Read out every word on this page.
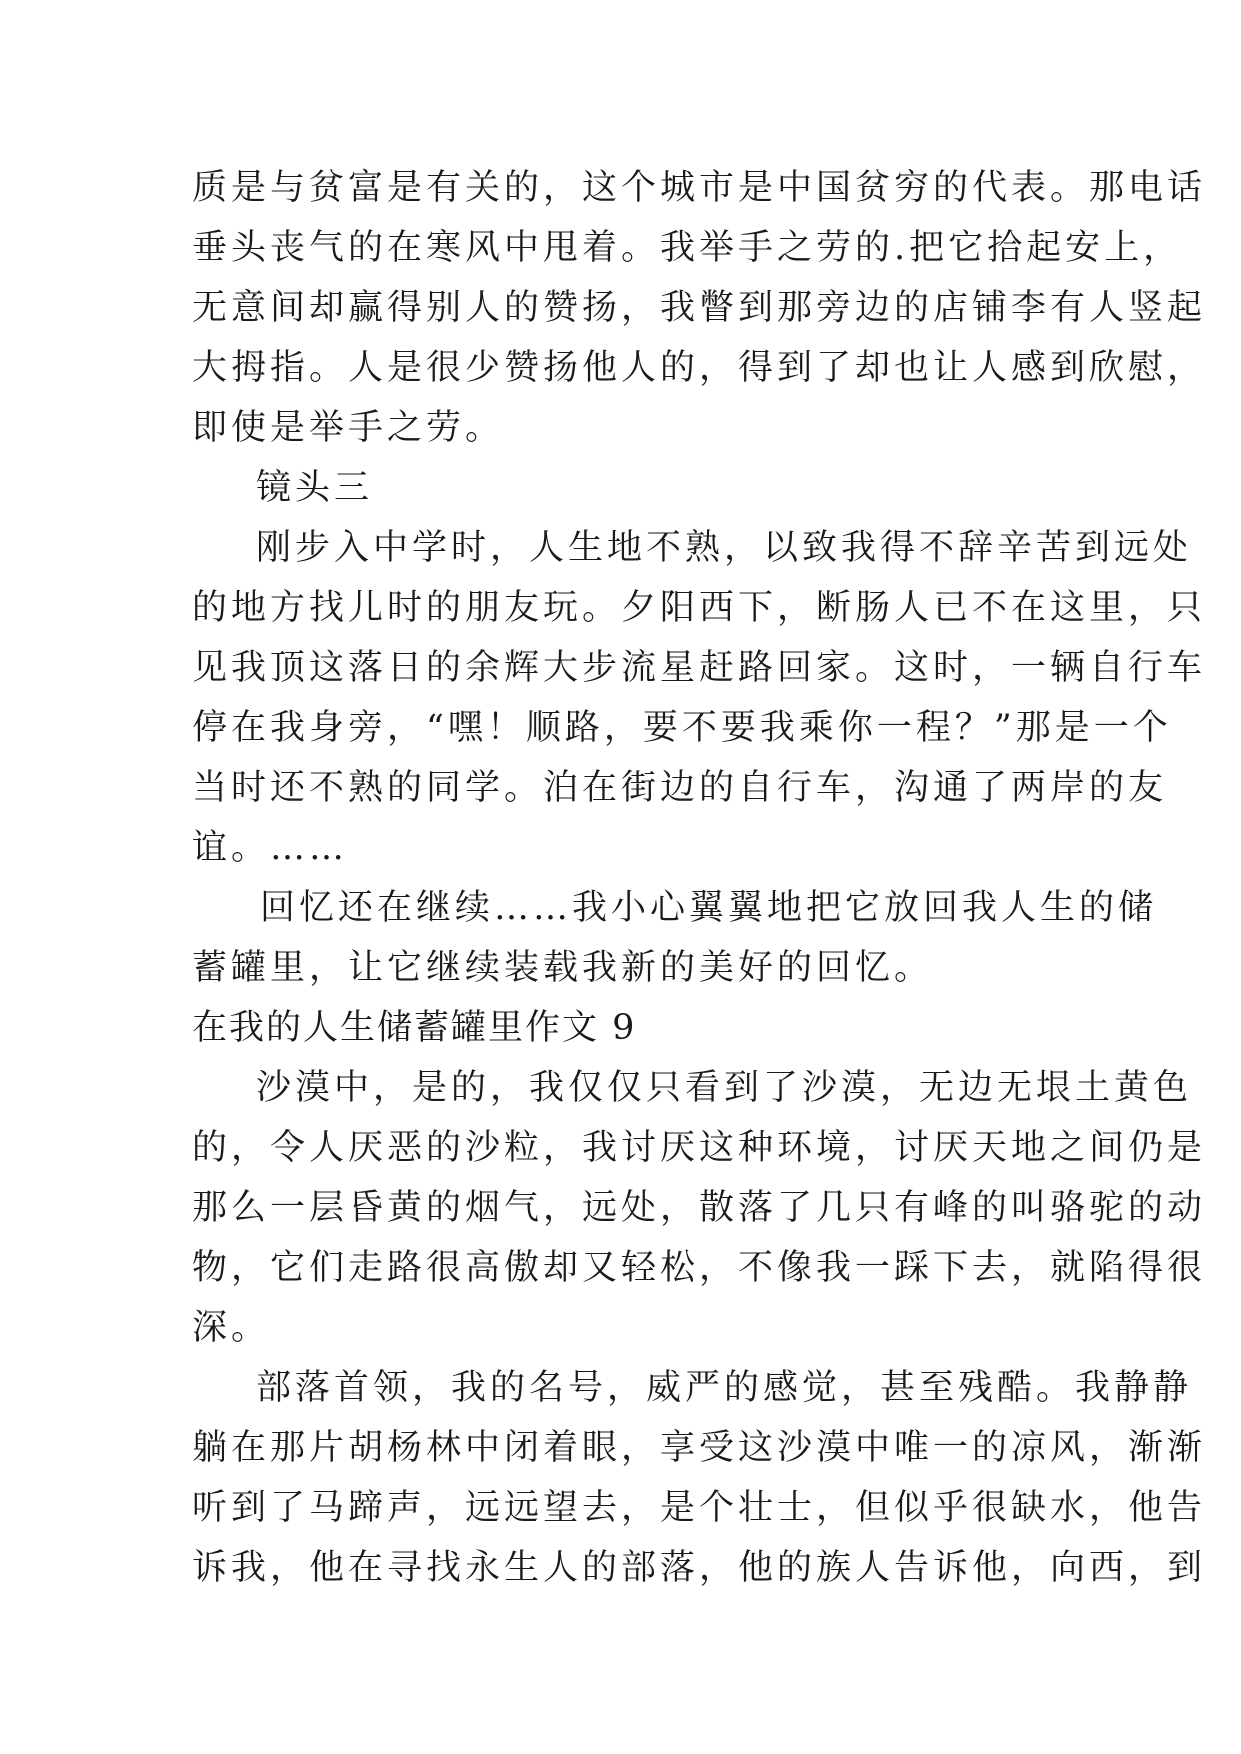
质是与贫富是有关的，这个城市是中国贫穷的代表。那电话
垂头丧气的在寒风中甩着。我举手之劳的.把它拾起安上，
无意间却赢得别人的赞扬，我瞥到那旁边的店铺李有人竖起
大拇指。人是很少赞扬他人的，得到了却也让人感到欣慰，
即使是举手之劳。
镜头三
刚步入中学时，人生地不熟，以致我得不辞辛苦到远处
的地方找儿时的朋友玩。夕阳西下，断肠人已不在这里，只
见我顶这落日的余辉大步流星赶路回家。这时，一辆自行车
停在我身旁，“嘿！顺路，要不要我乘你一程？”那是一个
当时还不熟的同学。泊在街边的自行车，沟通了两岸的友
谊。……
回忆还在继续……我小心翼翼地把它放回我人生的储
蓄罐里，让它继续装载我新的美好的回忆。
在我的人生储蓄罐里作文 9
沙漠中，是的，我仅仅只看到了沙漠，无边无垠土黄色
的，令人厌恶的沙粒，我讨厌这种环境，讨厌天地之间仍是
那么一层昏黄的烟气，远处，散落了几只有峰的叫骆驼的动
物，它们走路很高傲却又轻松，不像我一踩下去，就陷得很
深。
部落首领，我的名号，威严的感觉，甚至残酷。我静静
躺在那片胡杨林中闭着眼，享受这沙漠中唯一的凉风，渐渐
听到了马蹄声，远远望去，是个壮士，但似乎很缺水，他告
诉我，他在寻找永生人的部落，他的族人告诉他，向西，到
